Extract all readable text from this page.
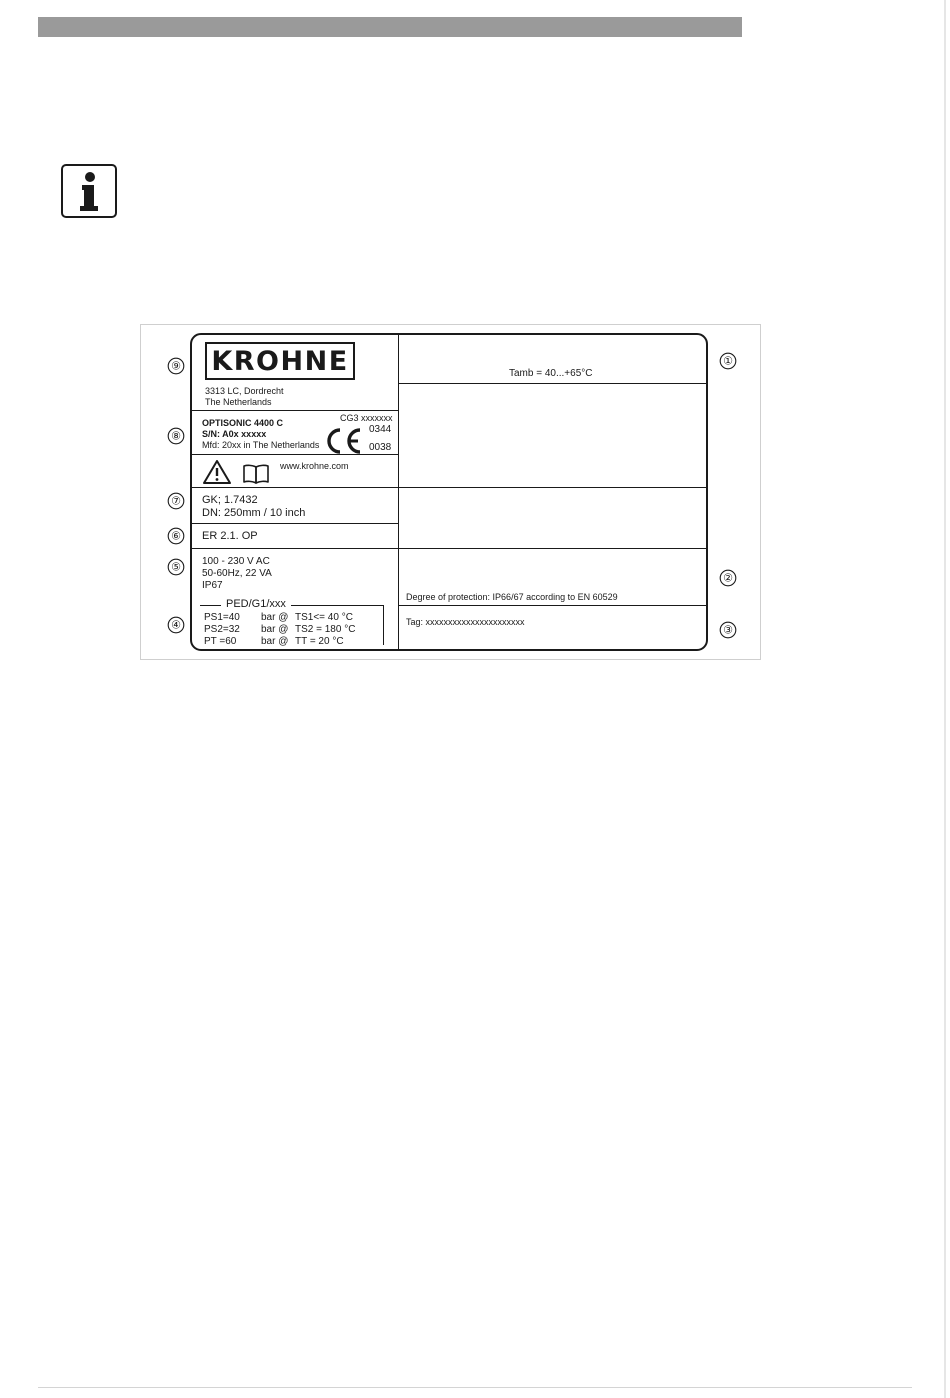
⑨
⑧
⑦
⑥
⑤
④
①
②
③
KROHNE
3313 LC, Dordrecht
The Netherlands
OPTISONIC 4400 C
S/N: A0x xxxxx
Mfd: 20xx in The Netherlands
CG3 xxxxxxx
0344
0038
www.krohne.com
GK; 1.7432
DN: 250mm / 10 inch
ER 2.1. OP
100 - 230 V AC
50-60Hz, 22 VA
IP67
PED/G1/xxx
PS1=40 bar @ TS1<= 40 °C
PS2=32 bar @ TS2 = 180 °C
PT =60 bar @ TT = 20 °C
Tamb = 40...+65°C
Degree of protection: IP66/67 according to EN 60529
Tag: xxxxxxxxxxxxxxxxxxxxxx
